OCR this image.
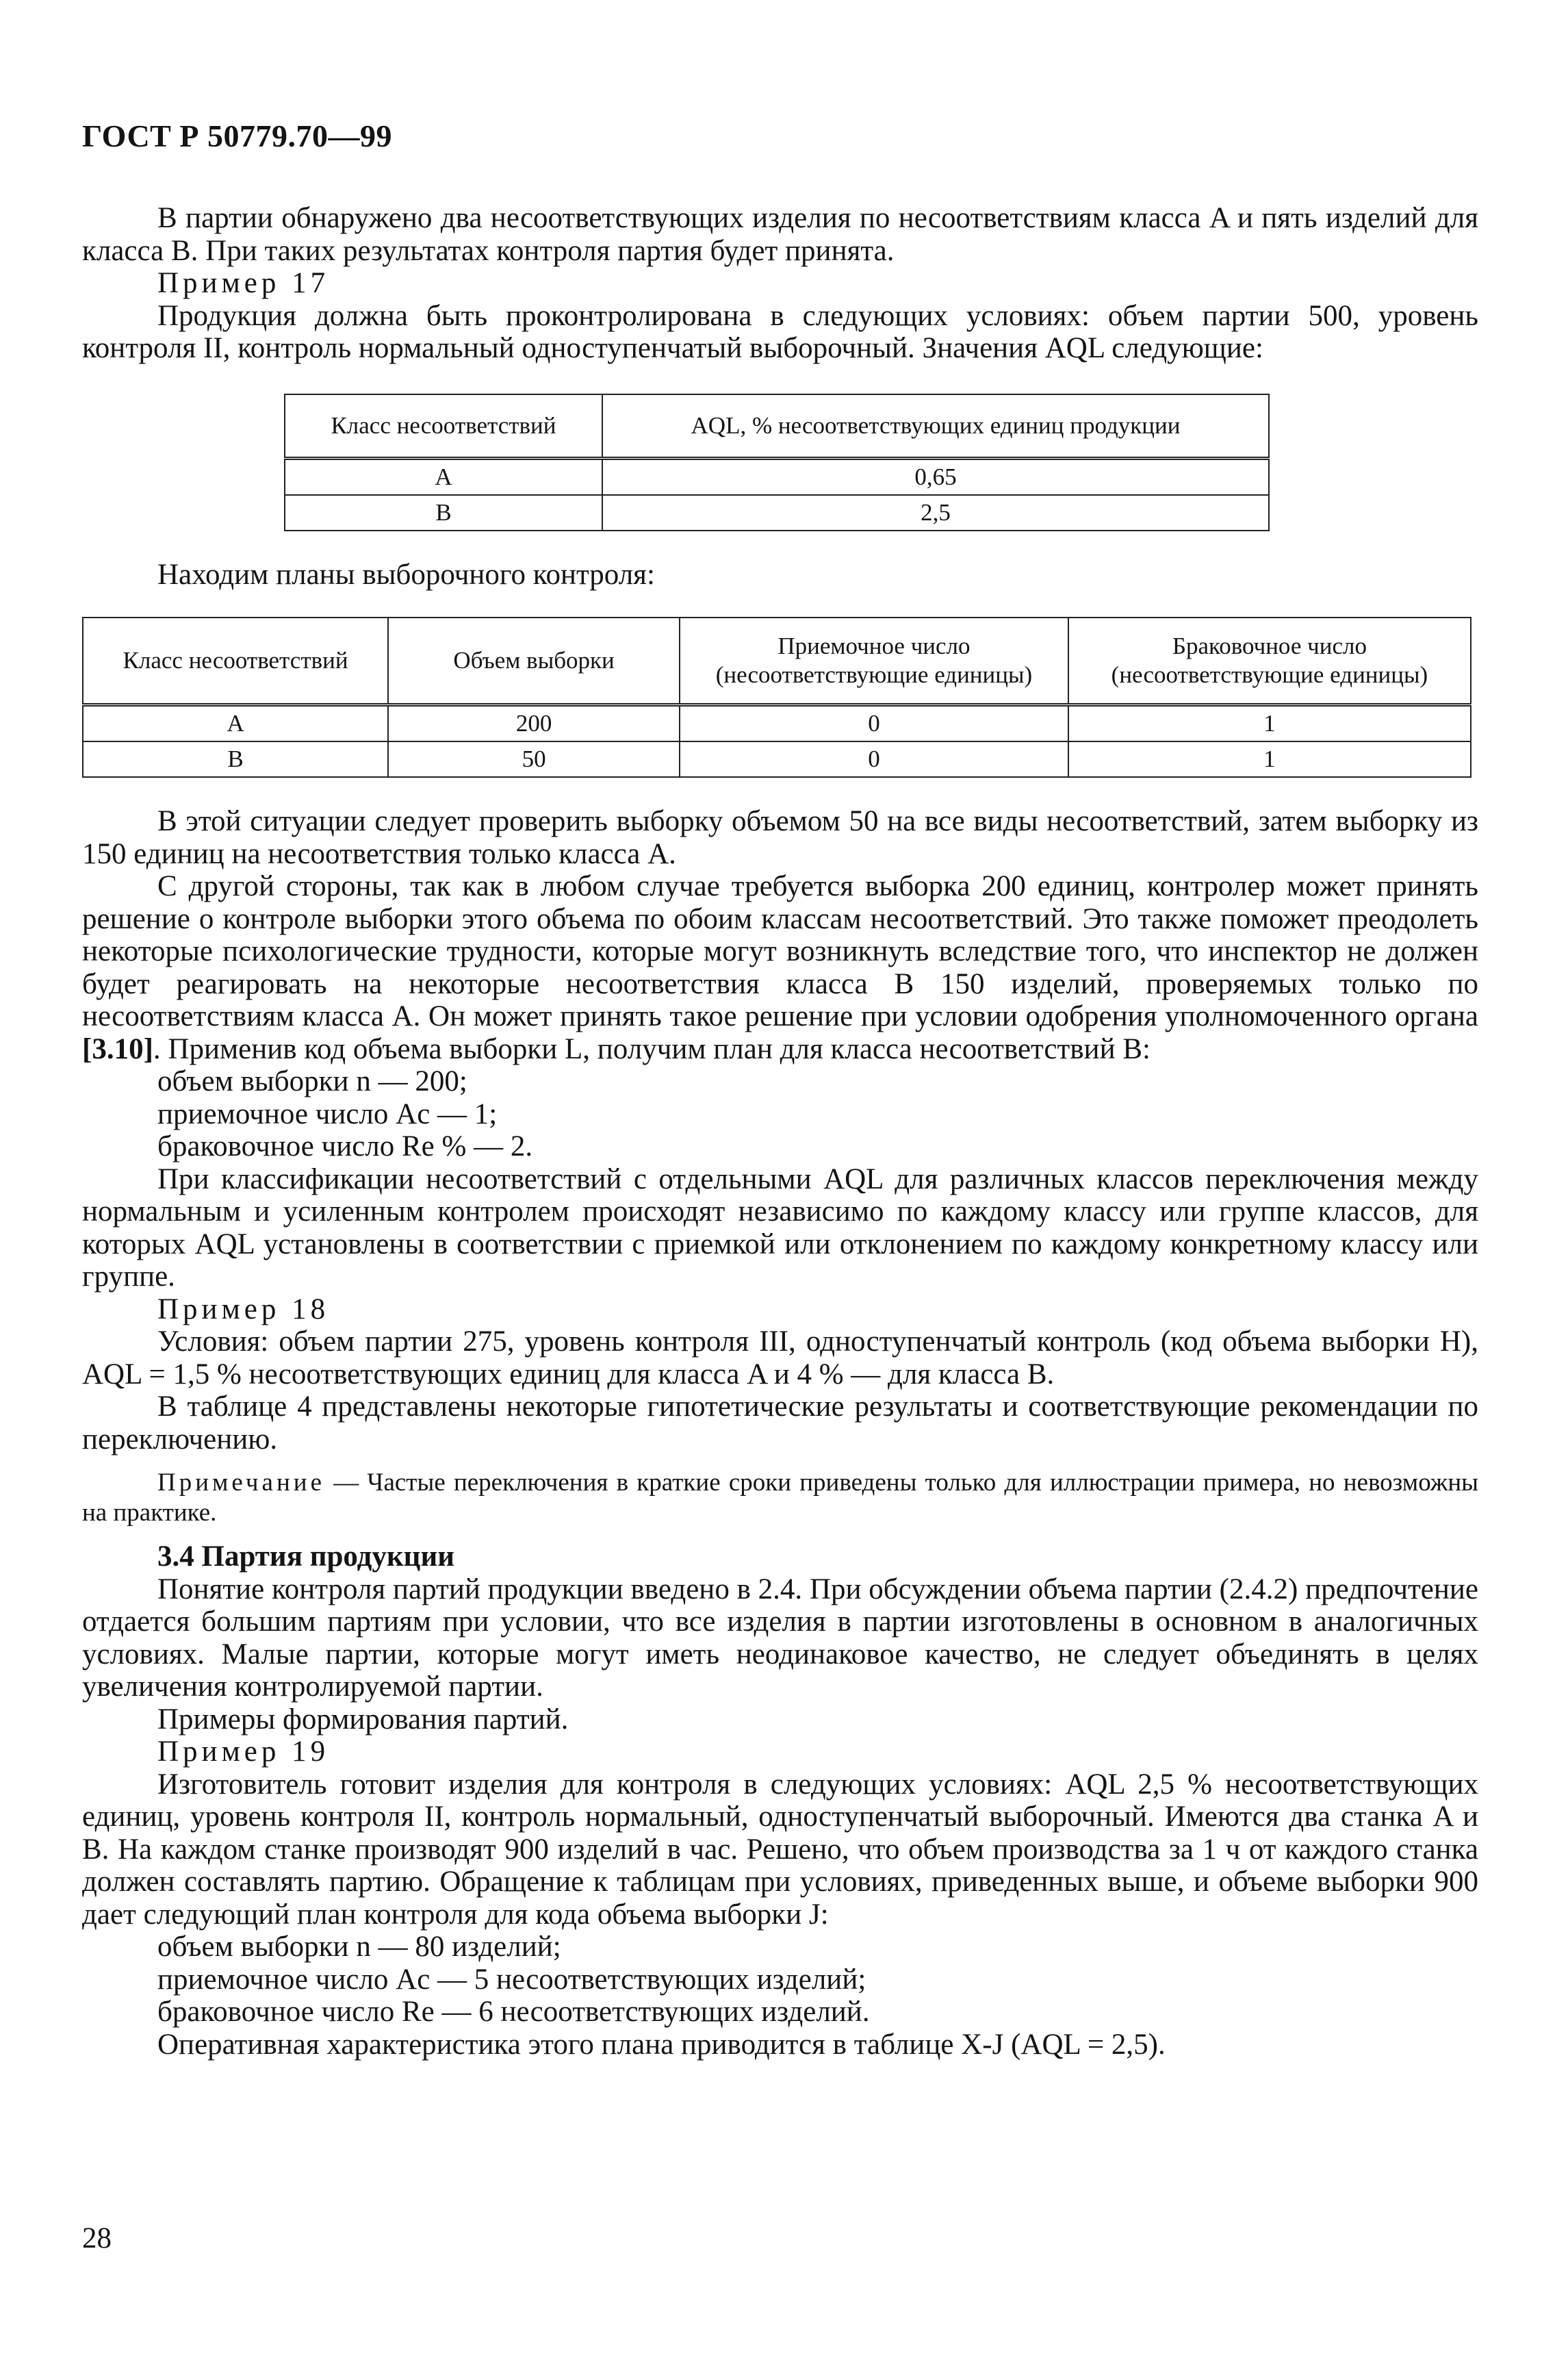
ГОСТ Р 50779.70—99

В партии обнаружено два несоответствующих изделия по несоответствиям класса A и пять изделий для класса B. При таких результатах контроля партия будет принята.

Пример 17

Продукция должна быть проконтролирована в следующих условиях: объем партии 500, уровень контроля II, контроль нормальный одноступенчатый выборочный. Значения AQL следующие:

Класс несоответствий	AQL, % несоответствующих единиц продукции
A	0,65
B	2,5

Находим планы выборочного контроля:

Класс несоответствий	Объем выборки	Приемочное число (несоответствующие единицы)	Браковочное число (несоответствующие единицы)
A	200	0	1
B	50	0	1

В этой ситуации следует проверить выборку объемом 50 на все виды несоответствий, затем выборку из 150 единиц на несоответствия только класса A.

С другой стороны, так как в любом случае требуется выборка 200 единиц, контролер может принять решение о контроле выборки этого объема по обоим классам несоответствий. Это также поможет преодолеть некоторые психологические трудности, которые могут возникнуть вследствие того, что инспектор не должен будет реагировать на некоторые несоответствия класса B 150 изделий, проверяемых только по несоответствиям класса A. Он может принять такое решение при условии одобрения уполномоченного органа [3.10]. Применив код объема выборки L, получим план для класса несоответствий B:

объем выборки n — 200;
приемочное число Ac — 1;
браковочное число Re % — 2.

При классификации несоответствий с отдельными AQL для различных классов переключения между нормальным и усиленным контролем происходят независимо по каждому классу или группе классов, для которых AQL установлены в соответствии с приемкой или отклонением по каждому конкретному классу или группе.

Пример 18

Условия: объем партии 275, уровень контроля III, одноступенчатый контроль (код объема выборки H), AQL = 1,5 % несоответствующих единиц для класса A и 4 % — для класса B.

В таблице 4 представлены некоторые гипотетические результаты и соответствующие рекомендации по переключению.

Примечание — Частые переключения в краткие сроки приведены только для иллюстрации примера, но невозможны на практике.

3.4 Партия продукции

Понятие контроля партий продукции введено в 2.4. При обсуждении объема партии (2.4.2) предпочтение отдается большим партиям при условии, что все изделия в партии изготовлены в основном в аналогичных условиях. Малые партии, которые могут иметь неодинаковое качество, не следует объединять в целях увеличения контролируемой партии.

Примеры формирования партий.

Пример 19

Изготовитель готовит изделия для контроля в следующих условиях: AQL 2,5 % несоответствующих единиц, уровень контроля II, контроль нормальный, одноступенчатый выборочный. Имеются два станка A и B. На каждом станке производят 900 изделий в час. Решено, что объем производства за 1 ч от каждого станка должен составлять партию. Обращение к таблицам при условиях, приведенных выше, и объеме выборки 900 дает следующий план контроля для кода объема выборки J:

объем выборки n — 80 изделий;
приемочное число Ac — 5 несоответствующих изделий;
браковочное число Re — 6 несоответствующих изделий.

Оперативная характеристика этого плана приводится в таблице X-J (AQL = 2,5).

28
